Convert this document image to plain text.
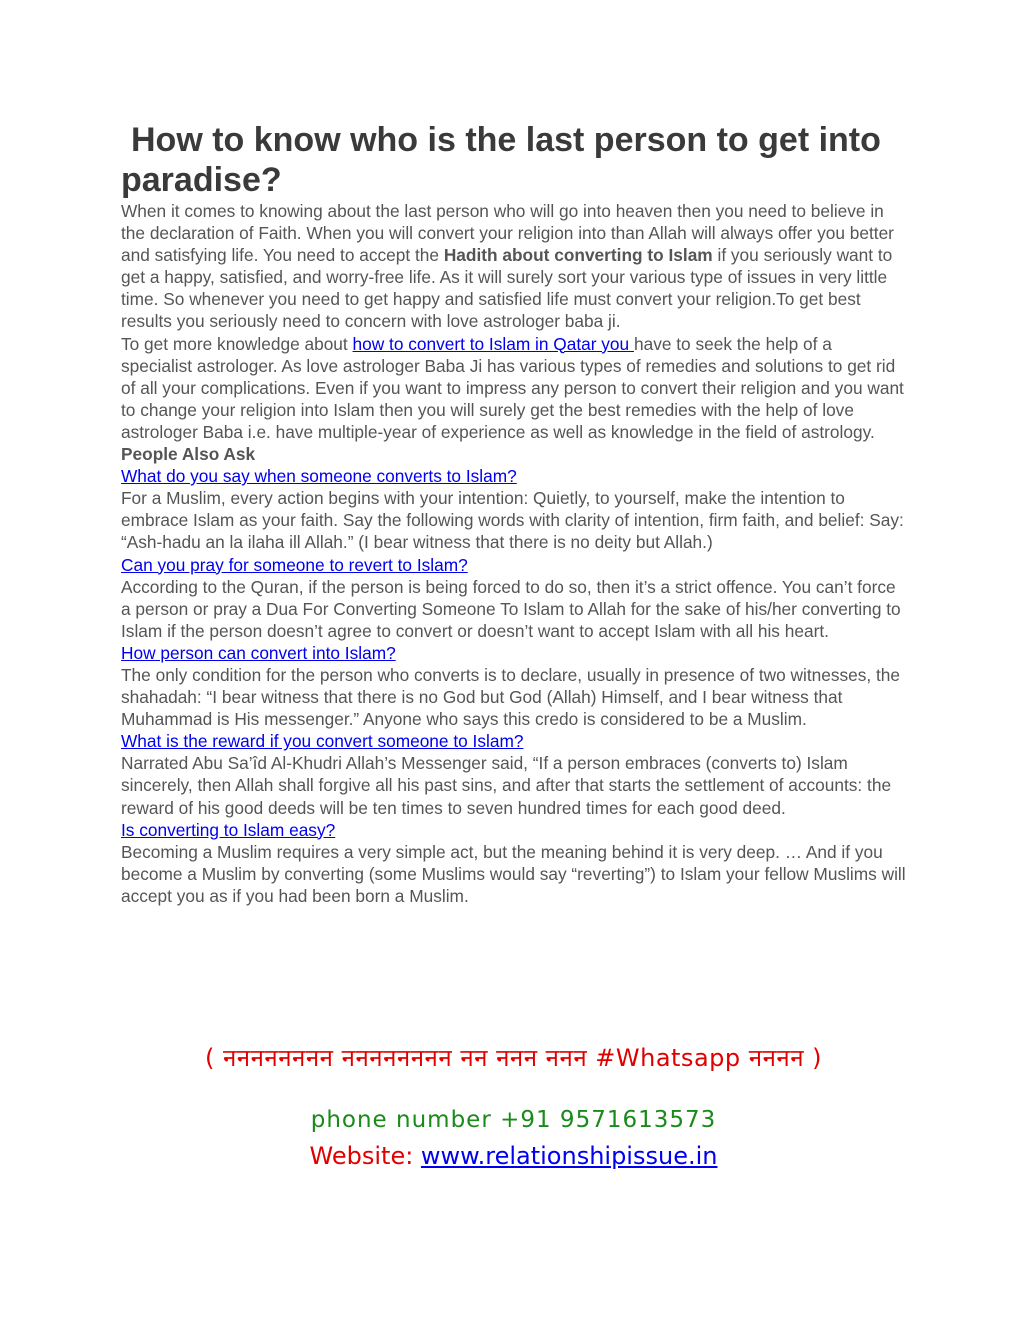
How to know who is the last person to get into paradise?

When it comes to knowing about the last person who will go into heaven then you need to believe in the declaration of Faith. When you will convert your religion into than Allah will always offer you better and satisfying life. You need to accept the Hadith about converting to Islam if you seriously want to get a happy, satisfied, and worry-free life. As it will surely sort your various type of issues in very little time. So whenever you need to get happy and satisfied life must convert your religion.To get best results you seriously need to concern with love astrologer baba ji.

To get more knowledge about how to convert to Islam in Qatar you have to seek the help of a specialist astrologer. As love astrologer Baba Ji has various types of remedies and solutions to get rid of all your complications. Even if you want to impress any person to convert their religion and you want to change your religion into Islam then you will surely get the best remedies with the help of love astrologer Baba i.e. have multiple-year of experience as well as knowledge in the field of astrology.

People Also Ask

What do you say when someone converts to Islam?

For a Muslim, every action begins with your intention: Quietly, to yourself, make the intention to embrace Islam as your faith. Say the following words with clarity of intention, firm faith, and belief: Say: “Ash-hadu an la ilaha ill Allah.” (I bear witness that there is no deity but Allah.)

Can you pray for someone to revert to Islam?

According to the Quran, if the person is being forced to do so, then it’s a strict offence. You can’t force a person or pray a Dua For Converting Someone To Islam to Allah for the sake of his/her converting to Islam if the person doesn’t agree to convert or doesn’t want to accept Islam with all his heart.

How person can convert into Islam?

The only condition for the person who converts is to declare, usually in presence of two witnesses, the shahadah: “I bear witness that there is no God but God (Allah) Himself, and I bear witness that Muhammad is His messenger.” Anyone who says this credo is considered to be a Muslim.

What is the reward if you convert someone to Islam?

Narrated Abu Sa’îd Al-Khudri Allah’s Messenger said, “If a person embraces (converts to) Islam sincerely, then Allah shall forgive all his past sins, and after that starts the settlement of accounts: the reward of his good deeds will be ten times to seven hundred times for each good deed.

Is converting to Islam easy?

Becoming a Muslim requires a very simple act, but the meaning behind it is very deep. … And if you become a Muslim by converting (some Muslims would say “reverting”) to Islam your fellow Muslims will accept you as if you had been born a Muslim.

( नननननननन नननननननन नन ननन ननन #Whatsapp नननन )
phone number +91 9571613573
Website: www.relationshipissue.in
